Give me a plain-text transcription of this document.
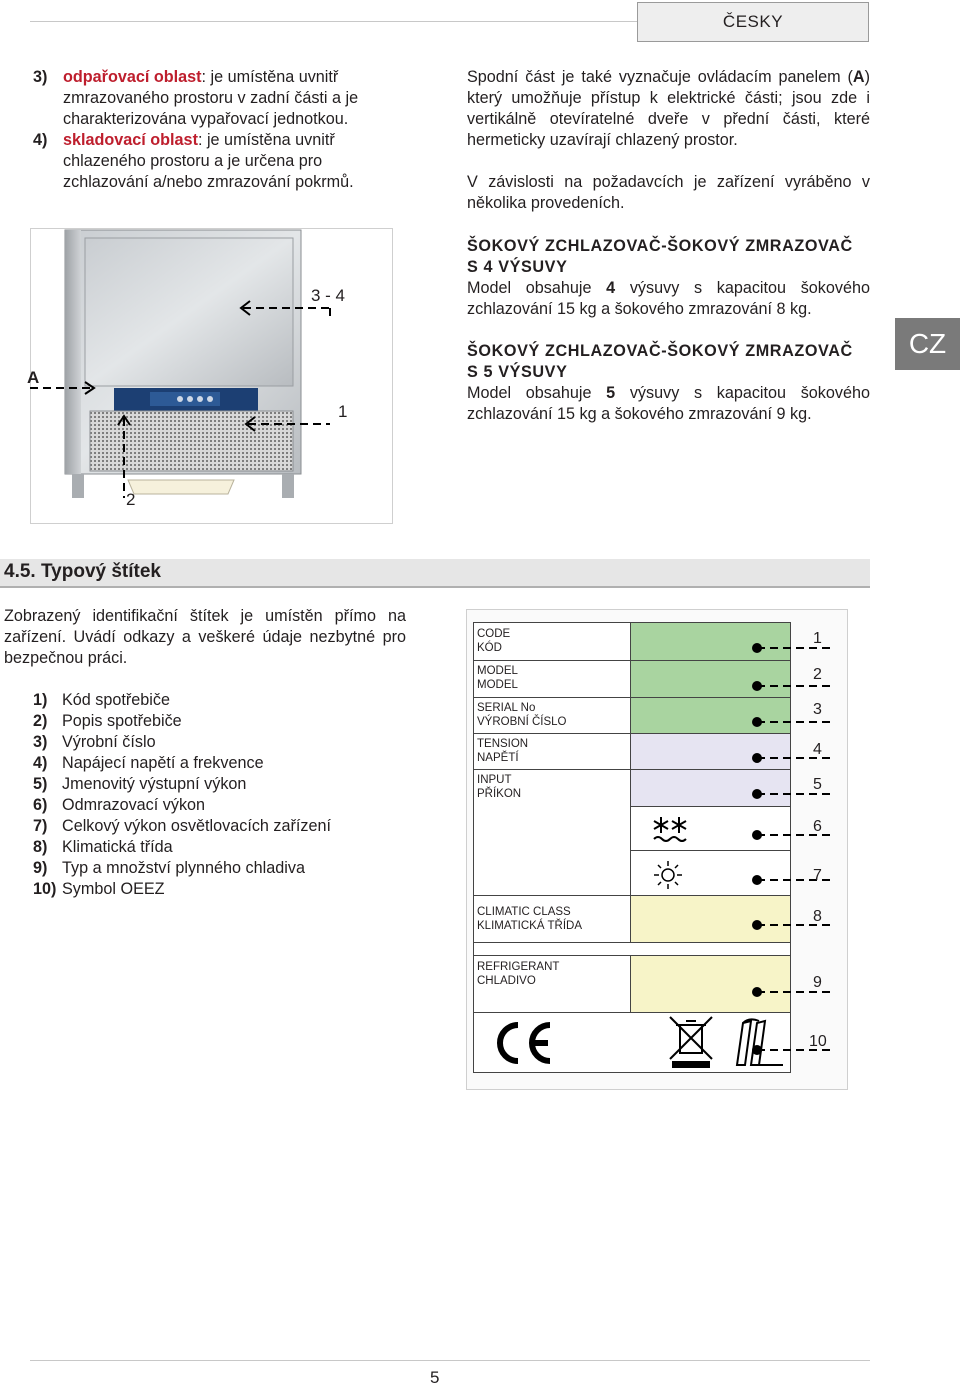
ČESKY
CZ
3) odpařovací oblast: je umístěna uvnitř
zmrazovaného prostoru v zadní části a je
charakterizována vypařovací jednotkou.
4) skladovací oblast: je umístěna uvnitř
chlazeného prostoru a je určena pro
zchlazování a/nebo zmrazování pokrmů.

Spodní část je také vyznačuje ovládacím panelem (A) který umožňuje přístup k elektrické části; jsou zde i vertikálně otevíratelné dveře v přední části, které hermeticky uzavírají chlazený prostor.

V závislosti na požadavcích je zařízení vyráběno v několika provedeních.

ŠOKOVÝ ZCHLAZOVAČ-ŠOKOVÝ ZMRAZOVAČ
S 4 VÝSUVY
Model obsahuje 4 výsuvy s kapacitou šokového zchlazování 15 kg a šokového zmrazování 8 kg.
ŠOKOVÝ ZCHLAZOVAČ-ŠOKOVÝ ZMRAZOVAČ
S 5 VÝSUVY
Model obsahuje 5 výsuvy s kapacitou šokového zchlazování 15 kg a šokového zmrazování 9 kg.
A
1
2
3 - 4
4.5. Typový štítek
Zobrazený identifikační štítek je umístěn přímo na zařízení. Uvádí odkazy a veškeré údaje nezbytné pro bezpečnou práci.
1) Kód spotřebiče
2) Popis spotřebiče
3) Výrobní číslo
4) Napájecí napětí a frekvence
5) Jmenovitý výstupní výkon
6) Odmrazovací výkon
7) Celkový výkon osvětlovacích zařízení
8) Klimatická třída
9) Typ a množství plynného chladiva
10) Symbol OEEZ
CODE
KÓD
MODEL
MODEL
SERIAL No
VÝROBNÍ ČÍSLO
TENSION
NAPĚTÍ
INPUT
PŘÍKON
CLIMATIC CLASS
KLIMATICKÁ TŘÍDA
REFRIGERANT
CHLADIVO
1
2
3
4
5
6
7
8
9
10
5
